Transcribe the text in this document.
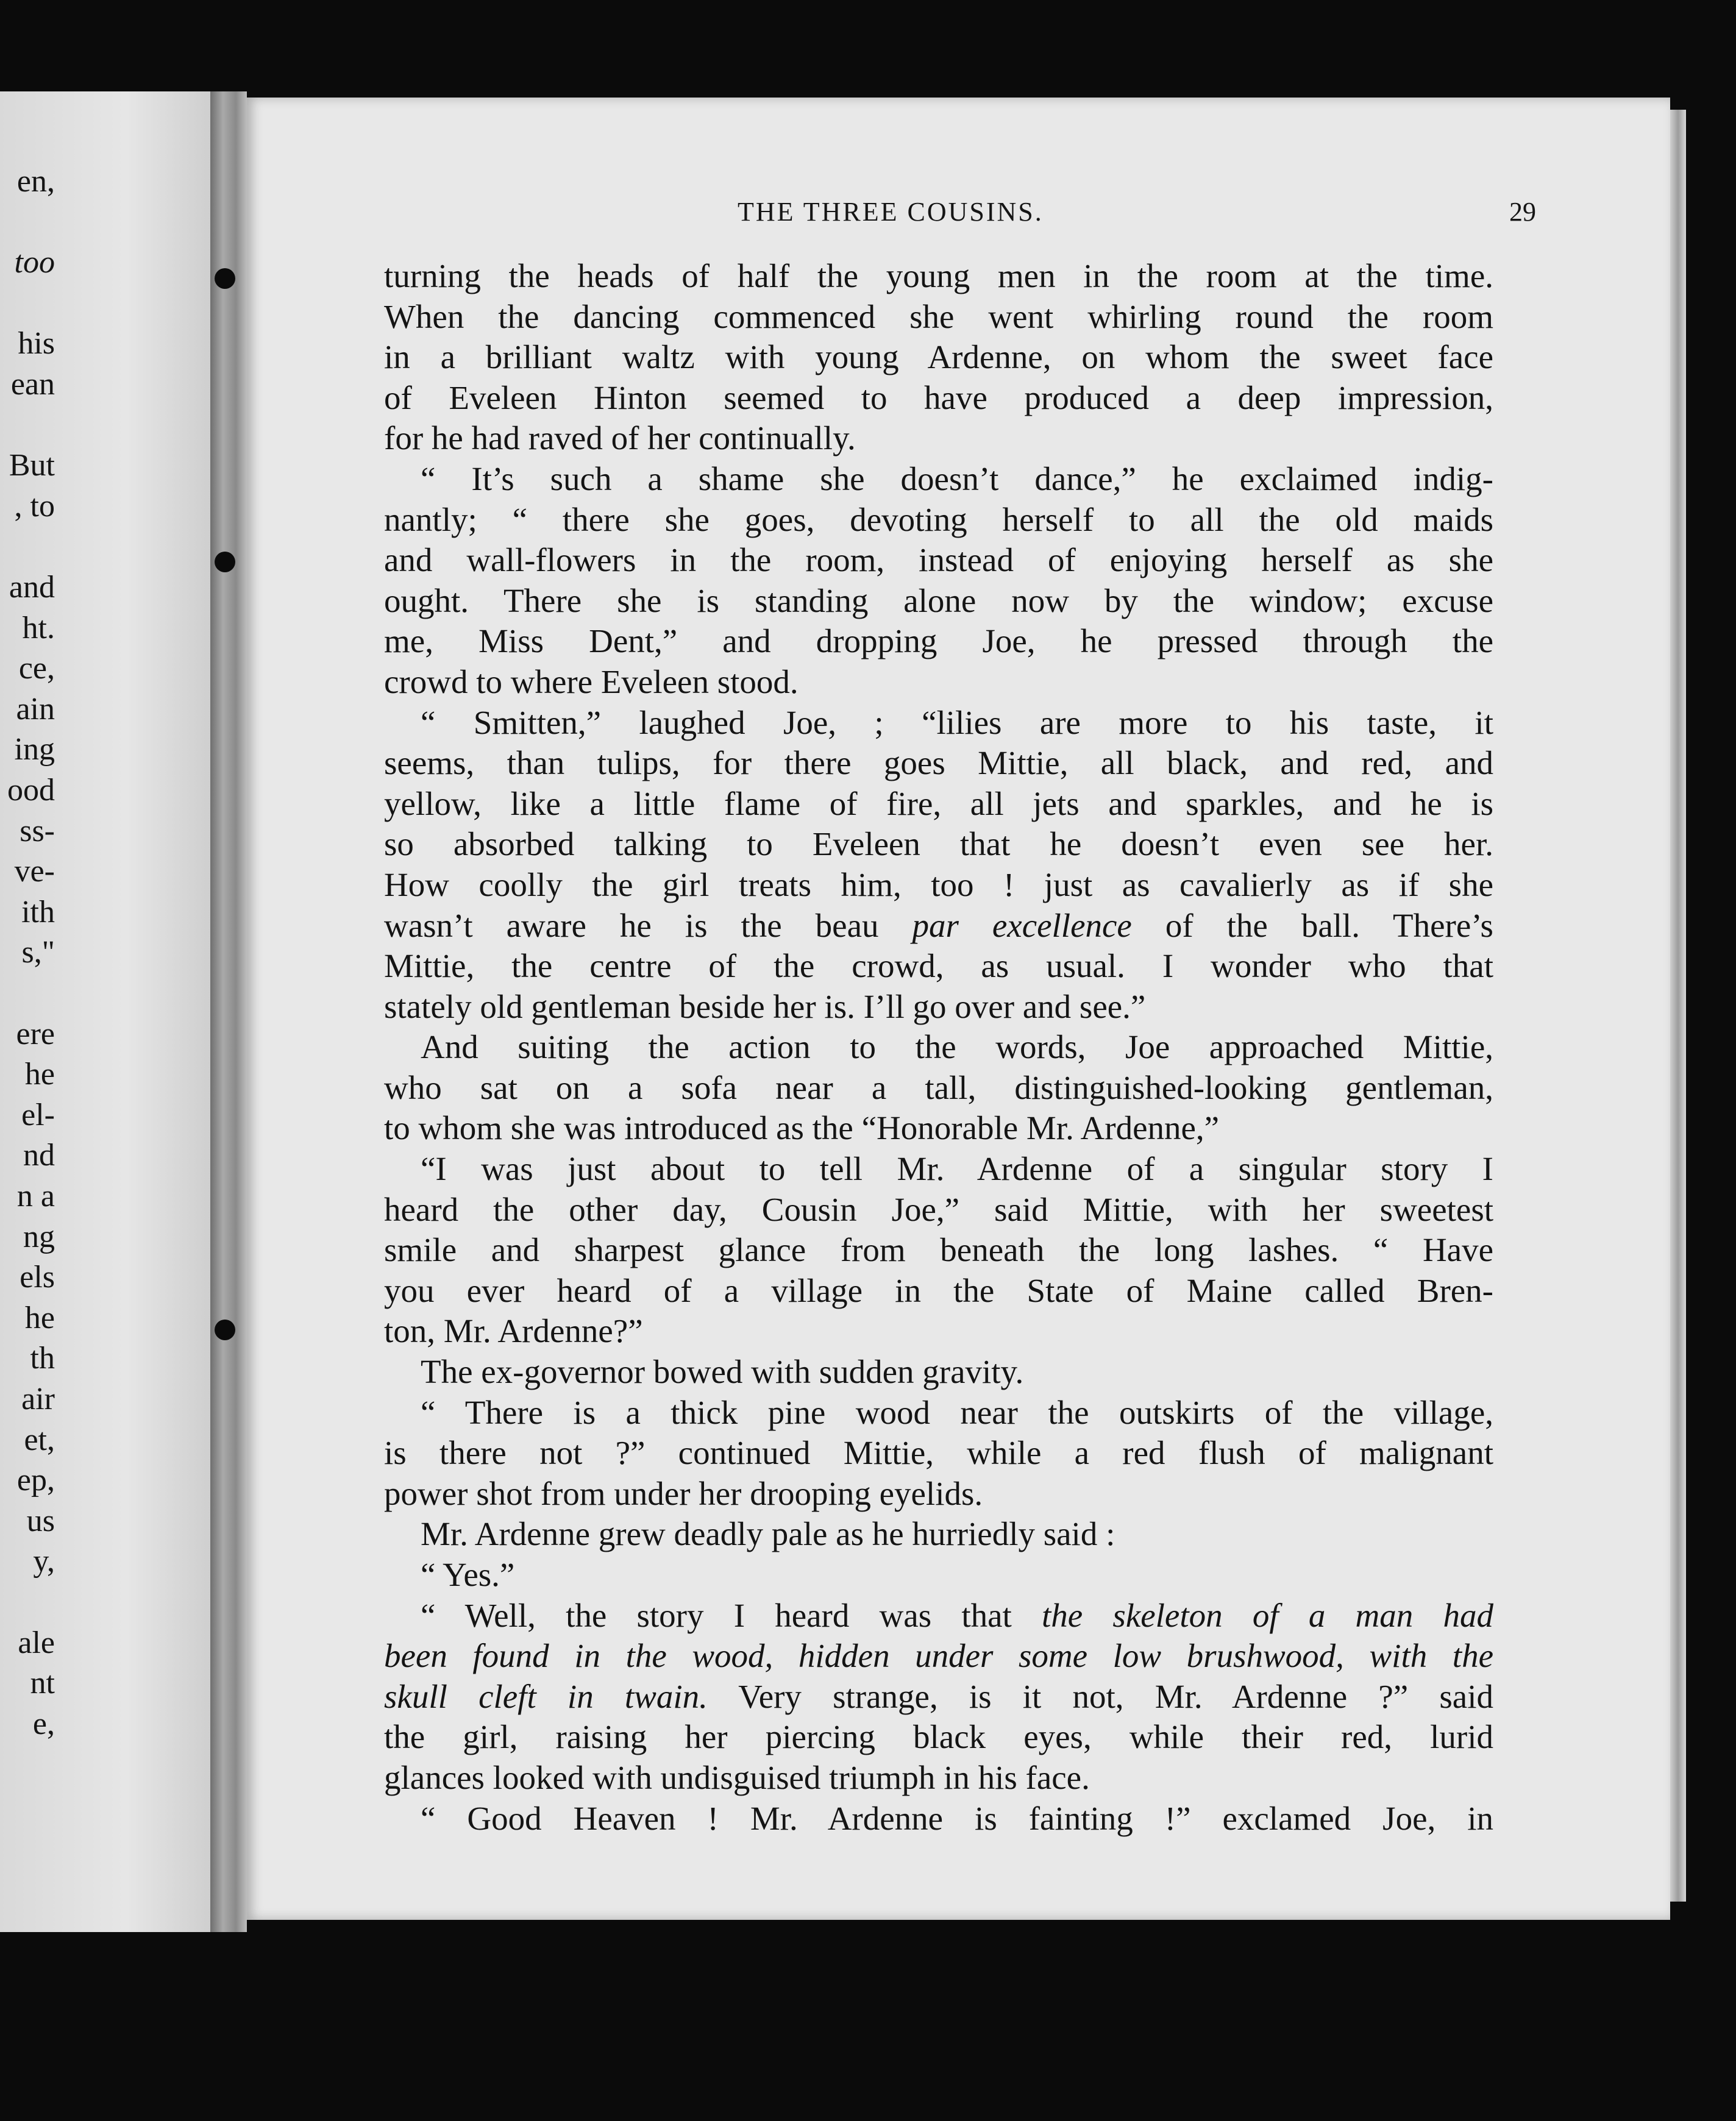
en,
too
his
ean
But
, to
and
ht.
ce,
ain
ing
ood
ss-
ve-
ith
s,"
ere
he
el-
nd
n a
ng
els
he
th
air
et,
ep,
us
y,
ale
nt
e,
THE THREE COUSINS.	29
turning the heads of half the young men in the room at the time.
When the dancing commenced she went whirling round the room
in a brilliant waltz with young Ardenne, on whom the sweet face
of Eveleen Hinton seemed to have produced a deep impression,
for he had raved of her continually.
“ It’s such a shame she doesn’t dance,” he exclaimed indig-
nantly; “ there she goes, devoting herself to all the old maids
and wall-flowers in the room, instead of enjoying herself as she
ought. There she is standing alone now by the window; excuse
me, Miss Dent,” and dropping Joe, he pressed through the
crowd to where Eveleen stood.
“ Smitten,” laughed Joe, ; “lilies are more to his taste, it
seems, than tulips, for there goes Mittie, all black, and red, and
yellow, like a little flame of fire, all jets and sparkles, and he is
so absorbed talking to Eveleen that he doesn’t even see her.
How coolly the girl treats him, too ! just as cavalierly as if she
wasn’t aware he is the beau par excellence of the ball. There’s
Mittie, the centre of the crowd, as usual. I wonder who that
stately old gentleman beside her is. I’ll go over and see.”
And suiting the action to the words, Joe approached Mittie,
who sat on a sofa near a tall, distinguished-looking gentleman,
to whom she was introduced as the “Honorable Mr. Ardenne,”
“I was just about to tell Mr. Ardenne of a singular story I
heard the other day, Cousin Joe,” said Mittie, with her sweetest
smile and sharpest glance from beneath the long lashes. “ Have
you ever heard of a village in the State of Maine called Bren-
ton, Mr. Ardenne?”
The ex-governor bowed with sudden gravity.
“ There is a thick pine wood near the outskirts of the village,
is there not ?” continued Mittie, while a red flush of malignant
power shot from under her drooping eyelids.
Mr. Ardenne grew deadly pale as he hurriedly said :
“ Yes.”
“ Well, the story I heard was that the skeleton of a man had
been found in the wood, hidden under some low brushwood, with the
skull cleft in twain. Very strange, is it not, Mr. Ardenne ?” said
the girl, raising her piercing black eyes, while their red, lurid
glances looked with undisguised triumph in his face.
“ Good Heaven ! Mr. Ardenne is fainting !” exclamed Joe, in
